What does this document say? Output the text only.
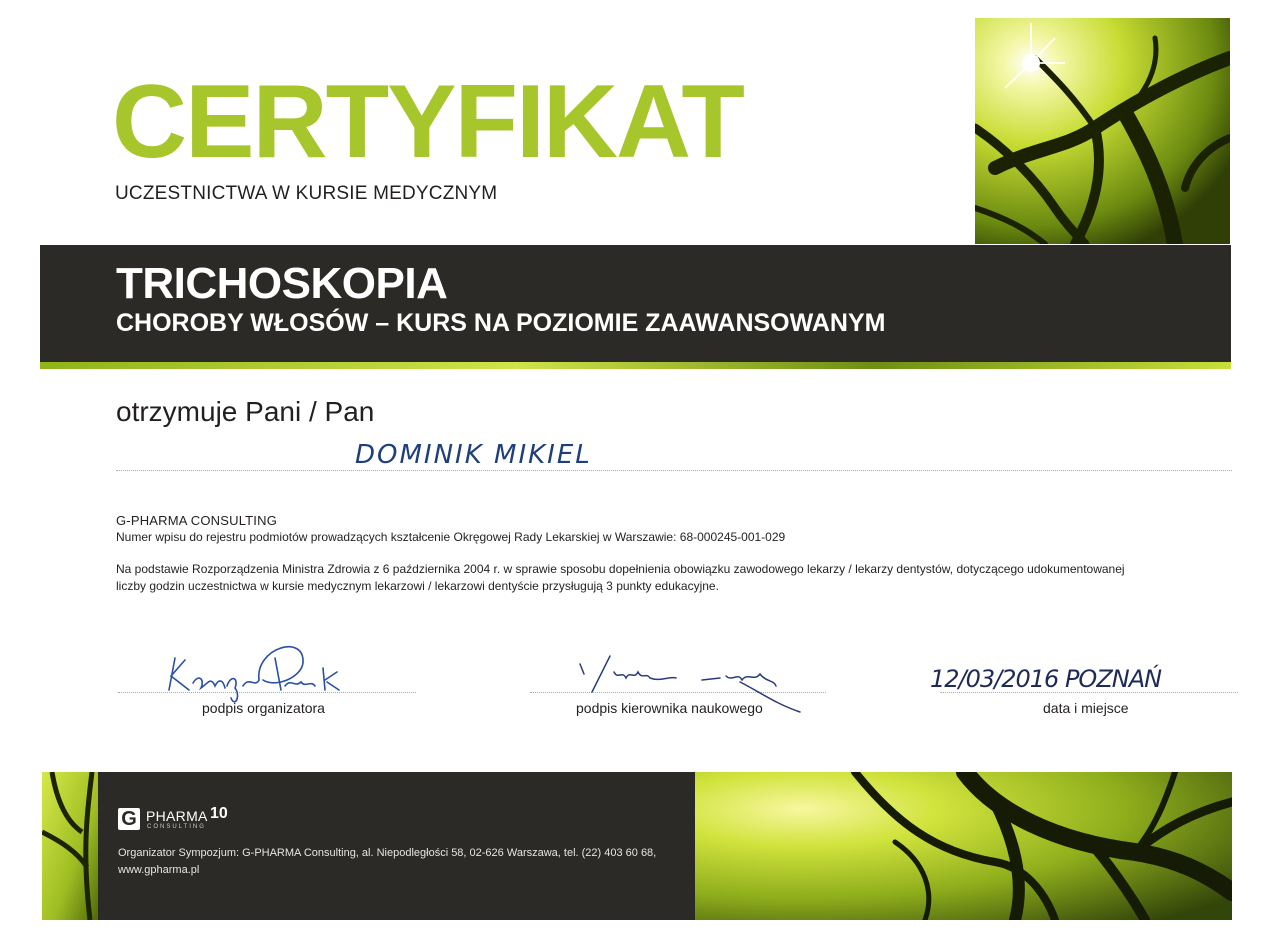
CERTYFIKAT
UCZESTNICTWA W KURSIE MEDYCZNYM
TRICHOSKOPIA
CHOROBY WŁOSÓW – KURS NA POZIOMIE ZAAWANSOWANYM
otrzymuje Pani / Pan
DOMINIK MIKIEL
G-PHARMA CONSULTING
Numer wpisu do rejestru podmiotów prowadzących kształcenie Okręgowej Rady Lekarskiej w Warszawie: 68-000245-001-029
Na podstawie Rozporządzenia Ministra Zdrowia z 6 października 2004 r. w sprawie sposobu dopełnienia obowiązku zawodowego lekarzy / lekarzy dentystów, dotyczącego udokumentowanej liczby godzin uczestnictwa w kursie medycznym lekarzowi / lekarzowi dentyście przysługują 3 punkty edukacyjne.
12/03/2016 POZNAŃ
podpis organizatora	podpis kierownika naukowego	data i miejsce
G PHARMA 10
CONSULTING
Organizator Sympozjum: G-PHARMA Consulting, al. Niepodległości 58, 02-626 Warszawa, tel. (22) 403 60 68,
www.gpharma.pl
